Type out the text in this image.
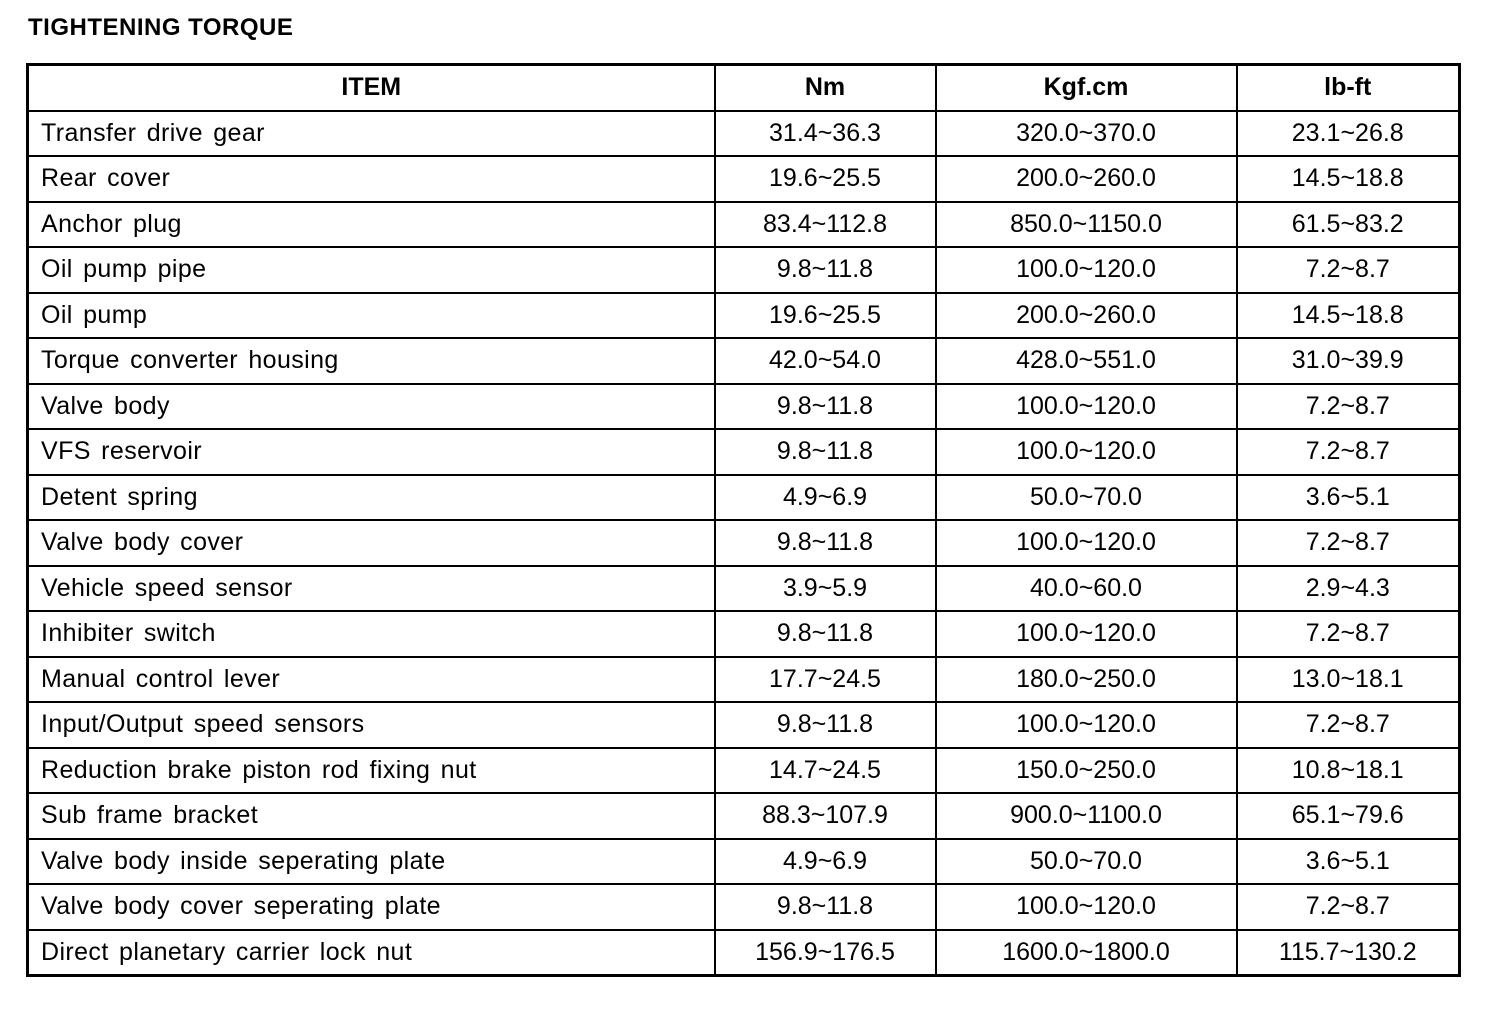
TIGHTENING TORQUE
ITEM	Nm	Kgf.cm	lb-ft
Transfer drive gear	31.4~36.3	320.0~370.0	23.1~26.8
Rear cover	19.6~25.5	200.0~260.0	14.5~18.8
Anchor plug	83.4~112.8	850.0~1150.0	61.5~83.2
Oil pump pipe	9.8~11.8	100.0~120.0	7.2~8.7
Oil pump	19.6~25.5	200.0~260.0	14.5~18.8
Torque converter housing	42.0~54.0	428.0~551.0	31.0~39.9
Valve body	9.8~11.8	100.0~120.0	7.2~8.7
VFS reservoir	9.8~11.8	100.0~120.0	7.2~8.7
Detent spring	4.9~6.9	50.0~70.0	3.6~5.1
Valve body cover	9.8~11.8	100.0~120.0	7.2~8.7
Vehicle speed sensor	3.9~5.9	40.0~60.0	2.9~4.3
Inhibiter switch	9.8~11.8	100.0~120.0	7.2~8.7
Manual control lever	17.7~24.5	180.0~250.0	13.0~18.1
Input/Output speed sensors	9.8~11.8	100.0~120.0	7.2~8.7
Reduction brake piston rod fixing nut	14.7~24.5	150.0~250.0	10.8~18.1
Sub frame bracket	88.3~107.9	900.0~1100.0	65.1~79.6
Valve body inside seperating plate	4.9~6.9	50.0~70.0	3.6~5.1
Valve body cover seperating plate	9.8~11.8	100.0~120.0	7.2~8.7
Direct planetary carrier lock nut	156.9~176.5	1600.0~1800.0	115.7~130.2
